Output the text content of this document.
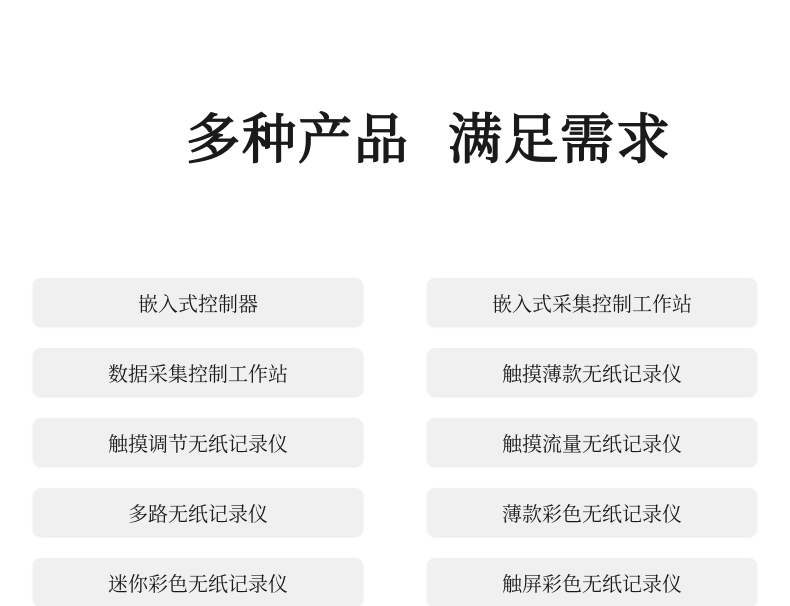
多种产品 满足需求

嵌入式控制器
数据采集控制工作站
触摸调节无纸记录仪
多路无纸记录仪
迷你彩色无纸记录仪
嵌入式采集控制工作站
触摸薄款无纸记录仪
触摸流量无纸记录仪
薄款彩色无纸记录仪
触屏彩色无纸记录仪
